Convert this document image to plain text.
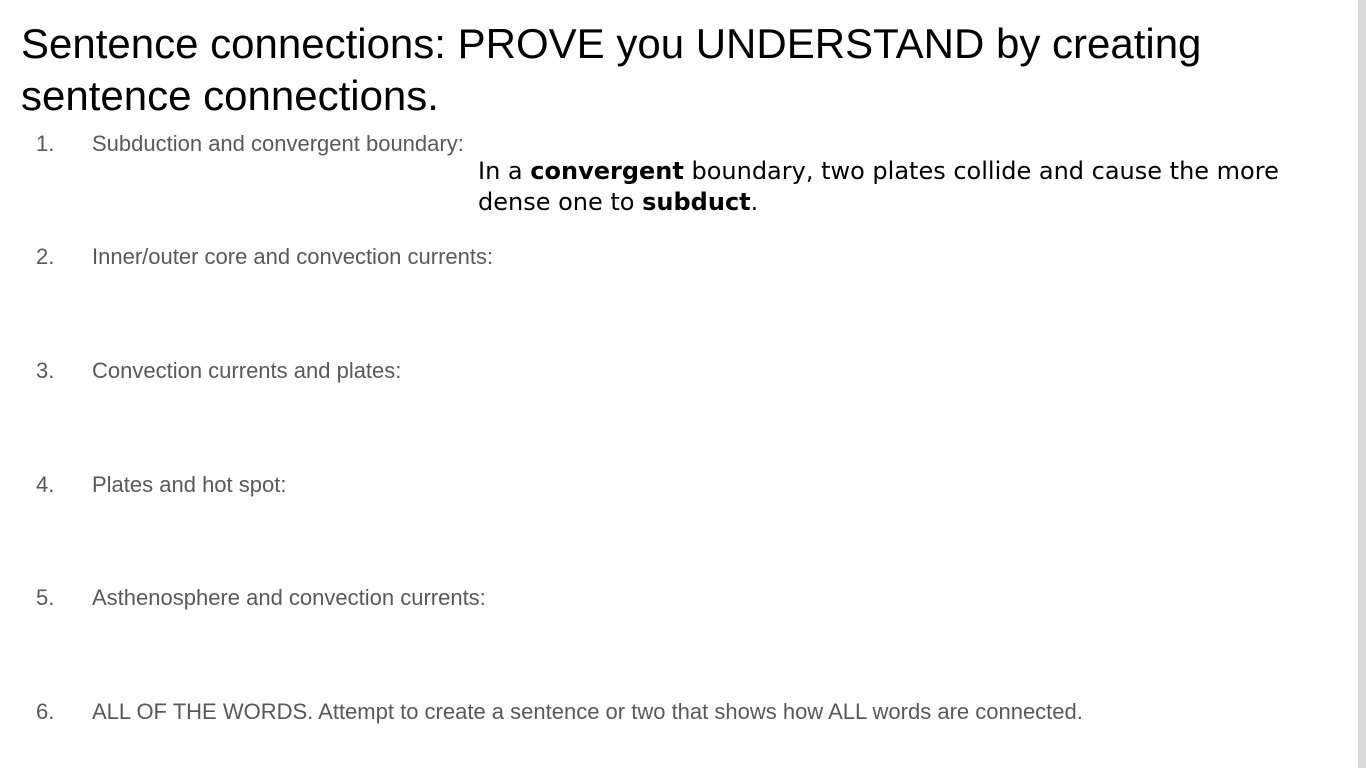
Sentence connections: PROVE you UNDERSTAND by creating sentence connections.
1. Subduction and convergent boundary:
In a convergent boundary, two plates collide and cause the more dense one to subduct.
2. Inner/outer core and convection currents:
3. Convection currents and plates:
4. Plates and hot spot:
5. Asthenosphere and convection currents:
6. ALL OF THE WORDS. Attempt to create a sentence or two that shows how ALL words are connected.
